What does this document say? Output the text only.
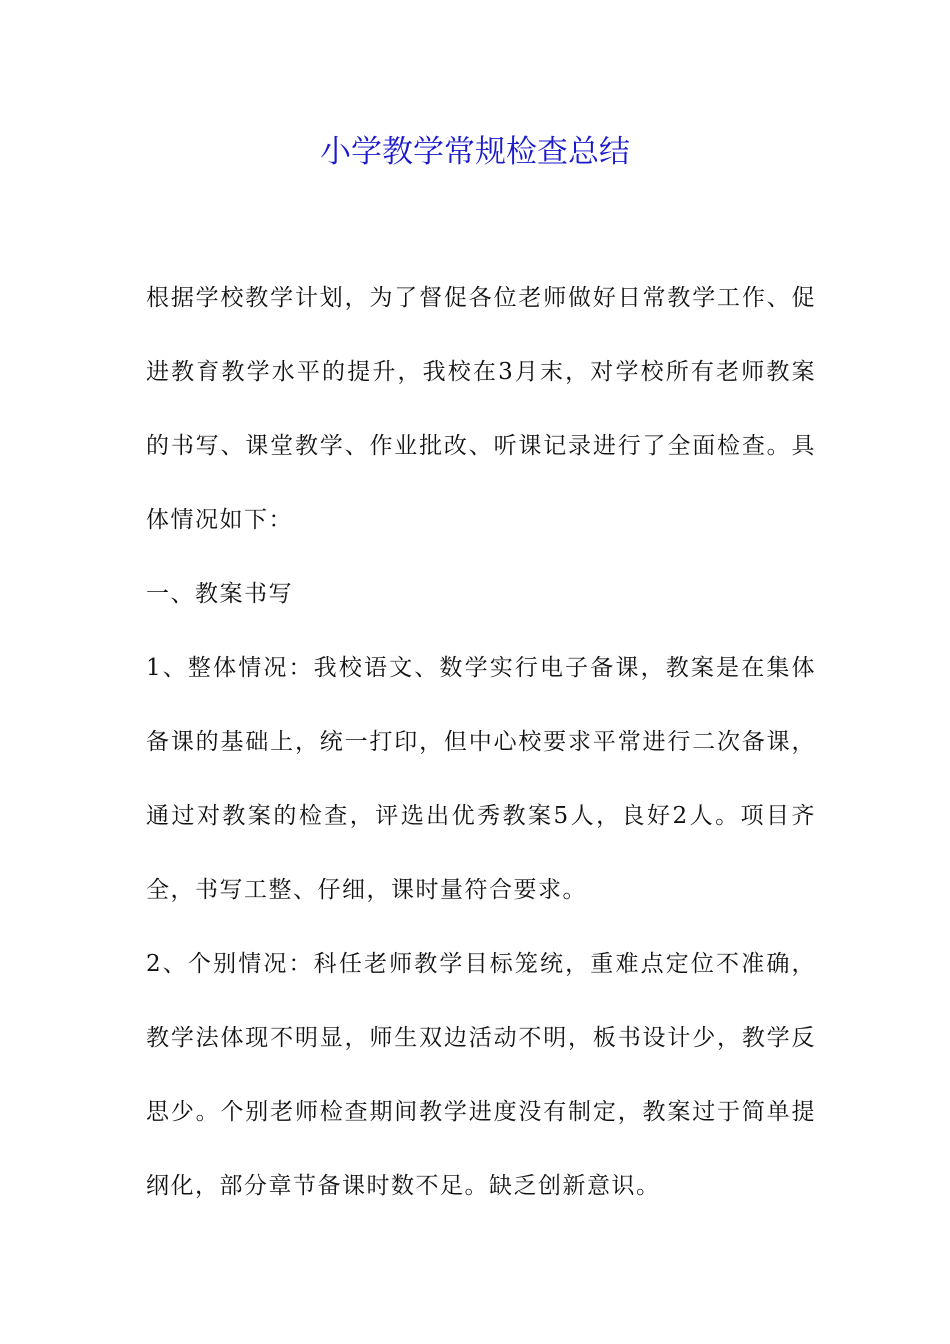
小学教学常规检查总结

根据学校教学计划，为了督促各位老师做好日常教学工作、促进教育教学水平的提升，我校在3月末，对学校所有老师教案的书写、课堂教学、作业批改、听课记录进行了全面检查。具体情况如下：

一、教案书写

1、整体情况：我校语文、数学实行电子备课，教案是在集体备课的基础上，统一打印，但中心校要求平常进行二次备课，通过对教案的检查，评选出优秀教案5人，良好2人。项目齐全，书写工整、仔细，课时量符合要求。

2、个别情况：科任老师教学目标笼统，重难点定位不准确，教学法体现不明显，师生双边活动不明，板书设计少，教学反思少。个别老师检查期间教学进度没有制定，教案过于简单提纲化，部分章节备课时数不足。缺乏创新意识。
